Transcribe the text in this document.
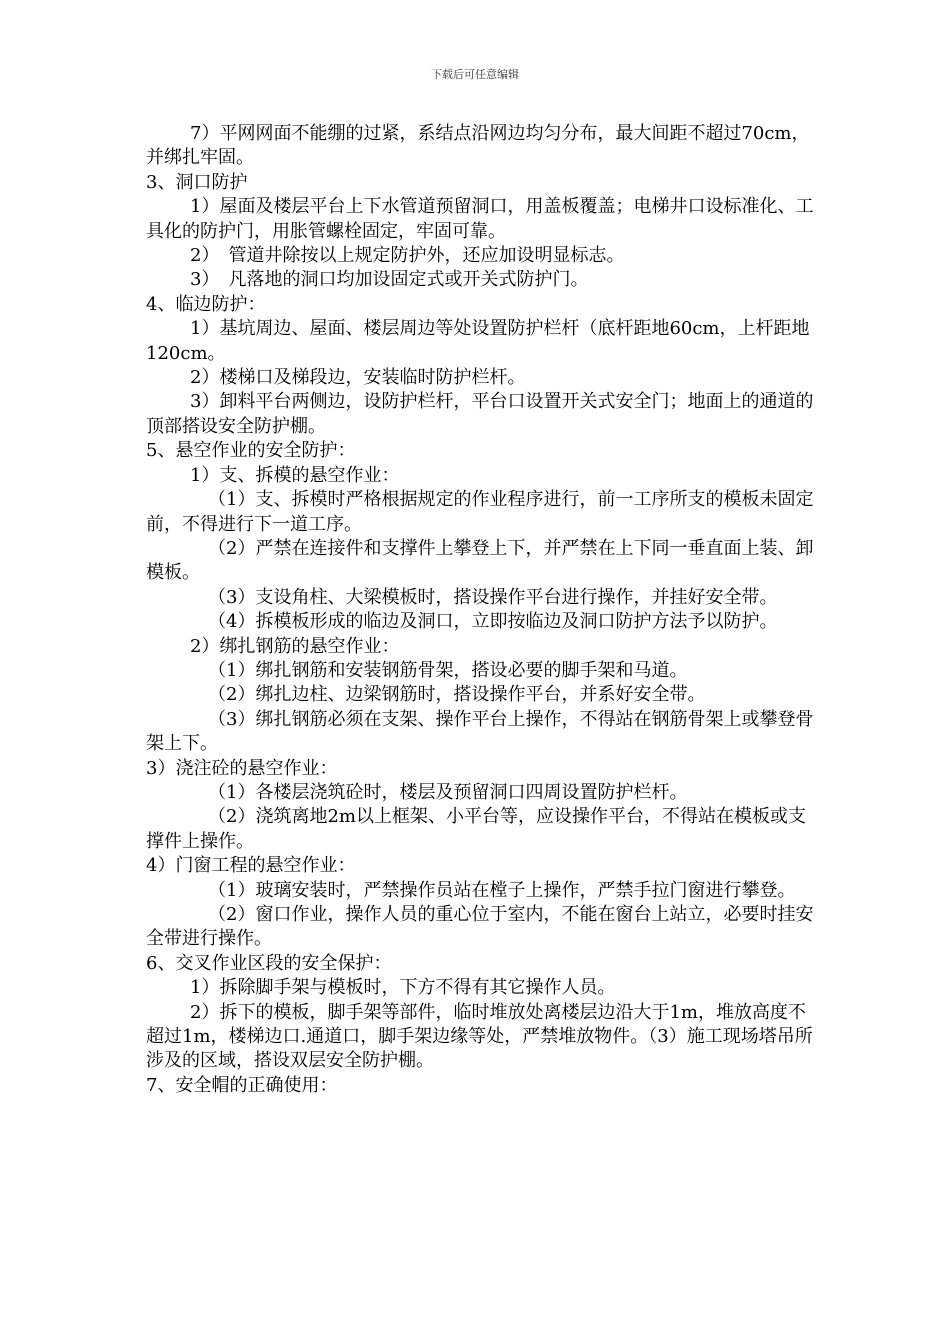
下载后可任意编辑

7）平网网面不能绷的过紧，系结点沿网边均匀分布，最大间距不超过70cm，并绑扎牢固。

3、洞口防护

1）屋面及楼层平台上下水管道预留洞口，用盖板覆盖；电梯井口设标准化、工具化的防护门，用胀管螺栓固定，牢固可靠。

2）　管道井除按以上规定防护外，还应加设明显标志。

3）　凡落地的洞口均加设固定式或开关式防护门。

4、临边防护：

1）基坑周边、屋面、楼层周边等处设置防护栏杆（底杆距地60cm，上杆距地120cm。

2）楼梯口及梯段边，安装临时防护栏杆。

3）卸料平台两侧边，设防护栏杆，平台口设置开关式安全门；地面上的通道的顶部搭设安全防护棚。

5、悬空作业的安全防护：

1）支、拆模的悬空作业：

（1）支、拆模时严格根据规定的作业程序进行，前一工序所支的模板未固定前，不得进行下一道工序。

（2）严禁在连接件和支撑件上攀登上下，并严禁在上下同一垂直面上装、卸模板。

（3）支设角柱、大梁模板时，搭设操作平台进行操作，并挂好安全带。

（4）拆模板形成的临边及洞口，立即按临边及洞口防护方法予以防护。

2）绑扎钢筋的悬空作业：

（1）绑扎钢筋和安装钢筋骨架，搭设必要的脚手架和马道。

（2）绑扎边柱、边梁钢筋时，搭设操作平台，并系好安全带。

（3）绑扎钢筋必须在支架、操作平台上操作，不得站在钢筋骨架上或攀登骨架上下。

3）浇注砼的悬空作业：

（1）各楼层浇筑砼时，楼层及预留洞口四周设置防护栏杆。

（2）浇筑离地2m以上框架、小平台等，应设操作平台，不得站在模板或支撑件上操作。

4）门窗工程的悬空作业：

（1）玻璃安装时，严禁操作员站在樘子上操作，严禁手拉门窗进行攀登。

（2）窗口作业，操作人员的重心位于室内，不能在窗台上站立，必要时挂安全带进行操作。

6、交叉作业区段的安全保护：

1）拆除脚手架与模板时，下方不得有其它操作人员。

2）拆下的模板，脚手架等部件，临时堆放处离楼层边沿大于1m，堆放高度不超过1m，楼梯边口.通道口，脚手架边缘等处，严禁堆放物件。（3）施工现场塔吊所涉及的区域，搭设双层安全防护棚。

7、安全帽的正确使用：
